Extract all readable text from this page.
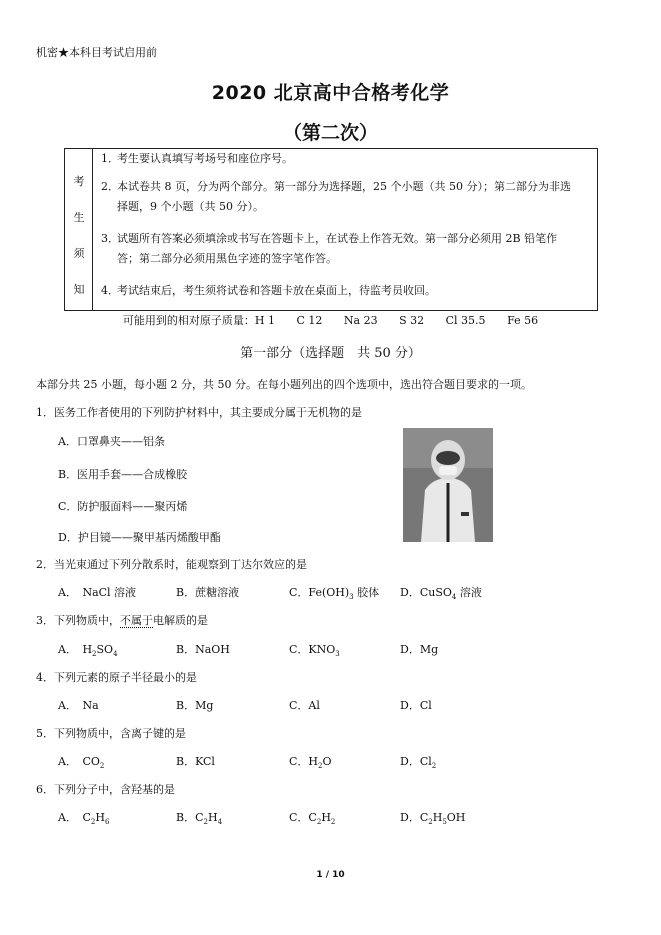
机密★本科目考试启用前
2020 北京高中合格考化学
（第二次）
考
生
须
知
1．考生要认真填写考场号和座位序号。
2．本试卷共 8 页，分为两个部分。第一部分为选择题，25 个小题（共 50 分）；第二部分为非选
择题，9 个小题（共 50 分）。
3．试题所有答案必须填涂或书写在答题卡上，在试卷上作答无效。第一部分必须用 2B 铅笔作
答；第二部分必须用黑色字迹的签字笔作答。
4．考试结束后，考生须将试卷和答题卡放在桌面上，待监考员收回。
可能用到的相对原子质量：H 1 C 12 Na 23 S 32 Cl 35.5 Fe 56
第一部分（选择题　共 50 分）
本部分共 25 小题，每小题 2 分，共 50 分。在每小题列出的四个选项中，选出符合题目要求的一项。
1．医务工作者使用的下列防护材料中，其主要成分属于无机物的是
A．口罩鼻夹——铝条
B．医用手套——合成橡胶
C．防护服面料——聚丙烯
D．护目镜——聚甲基丙烯酸甲酯
2．当光束通过下列分散系时，能观察到丁达尔效应的是
A．　NaCl 溶液	B．蔗糖溶液	C．$Fe(OH)_3$ 胶体 D．CuSO$_4$ 溶液
3．下列物质中，不属于电解质的是
A．　$H_2SO_4$	B．NaOH	C．$KNO_3$	D．Mg
4．下列元素的原子半径最小的是
A．　Na	B．Mg	C．Al	D．Cl
5．下列物质中，含离子键的是
A．　$CO_2$	B．KCl	C．$H_2O$	D．$Cl_2$
6．下列分子中，含羟基的是
A．　$C_2H_6$	B．$C_2H_4$	C．$C_2H_2$	D．$C_2H_5OH$
1 / 10
